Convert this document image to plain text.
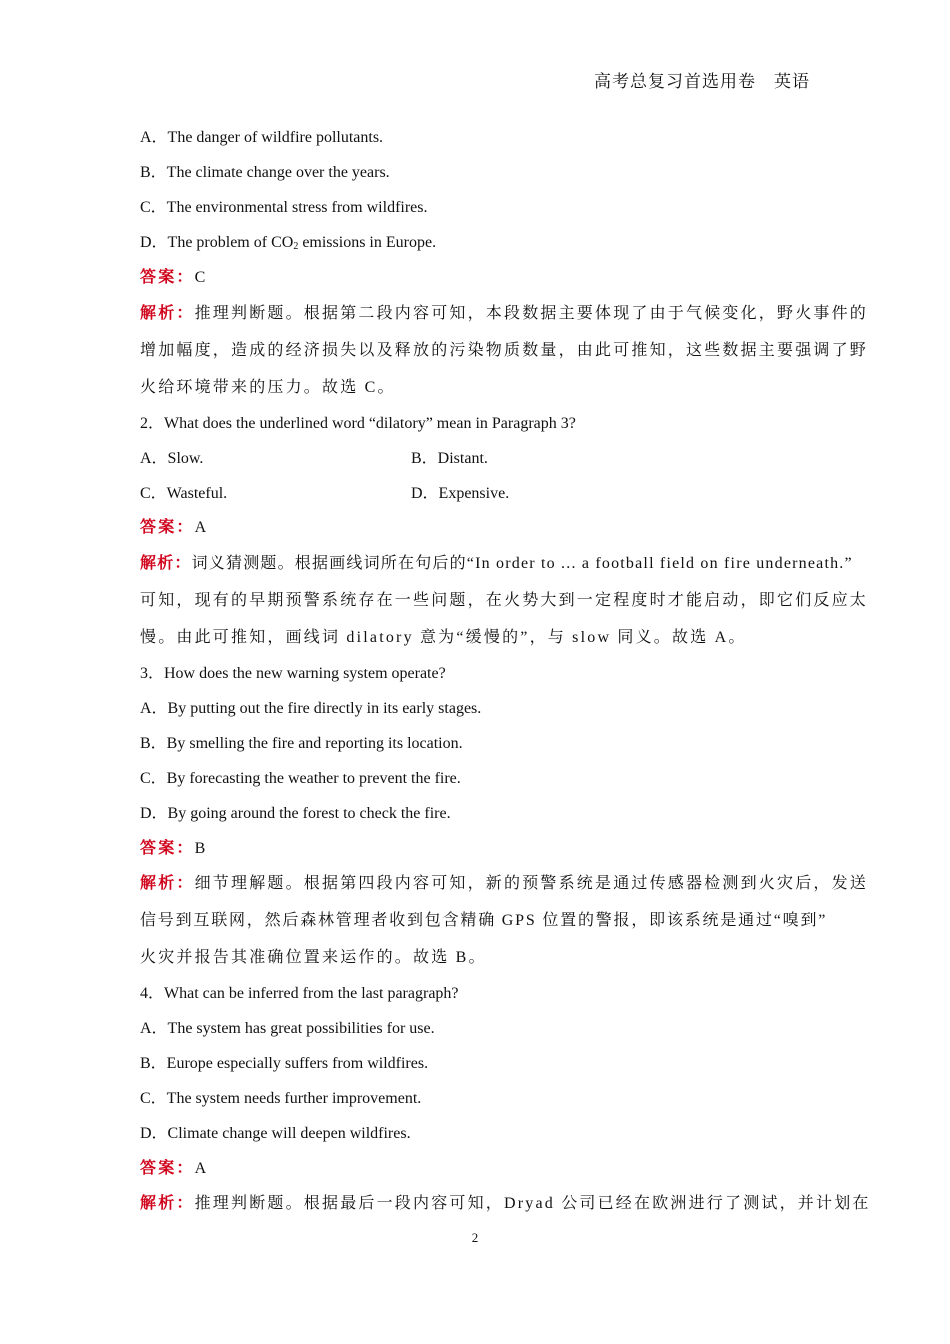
高考总复习首选用卷　英语
A．The danger of wildfire pollutants.
B．The climate change over the years.
C．The environmental stress from wildfires.
D．The problem of $CO_2$ emissions in Europe.
答案：C
解析：推理判断题。根据第二段内容可知，本段数据主要体现了由于气候变化，野火事件的
增加幅度，造成的经济损失以及释放的污染物质数量，由此可推知，这些数据主要强调了野
火给环境带来的压力。故选 C。
2．What does the underlined word “dilatory” mean in Paragraph 3?
A．Slow.	B．Distant.
C．Wasteful.	D．Expensive.
答案：A
解析：词义猜测题。根据画线词所在句后的“In order to ... a football field on fire underneath.”
可知，现有的早期预警系统存在一些问题，在火势大到一定程度时才能启动，即它们反应太
慢。由此可推知，画线词 dilatory 意为“缓慢的”，与 slow 同义。故选 A。
3．How does the new warning system operate?
A．By putting out the fire directly in its early stages.
B．By smelling the fire and reporting its location.
C．By forecasting the weather to prevent the fire.
D．By going around the forest to check the fire.
答案：B
解析：细节理解题。根据第四段内容可知，新的预警系统是通过传感器检测到火灾后，发送
信号到互联网，然后森林管理者收到包含精确 GPS 位置的警报，即该系统是通过“嗅到”
火灾并报告其准确位置来运作的。故选 B。
4．What can be inferred from the last paragraph?
A．The system has great possibilities for use.
B．Europe especially suffers from wildfires.
C．The system needs further improvement.
D．Climate change will deepen wildfires.
答案：A
解析：推理判断题。根据最后一段内容可知，Dryad 公司已经在欧洲进行了测试，并计划在
2
